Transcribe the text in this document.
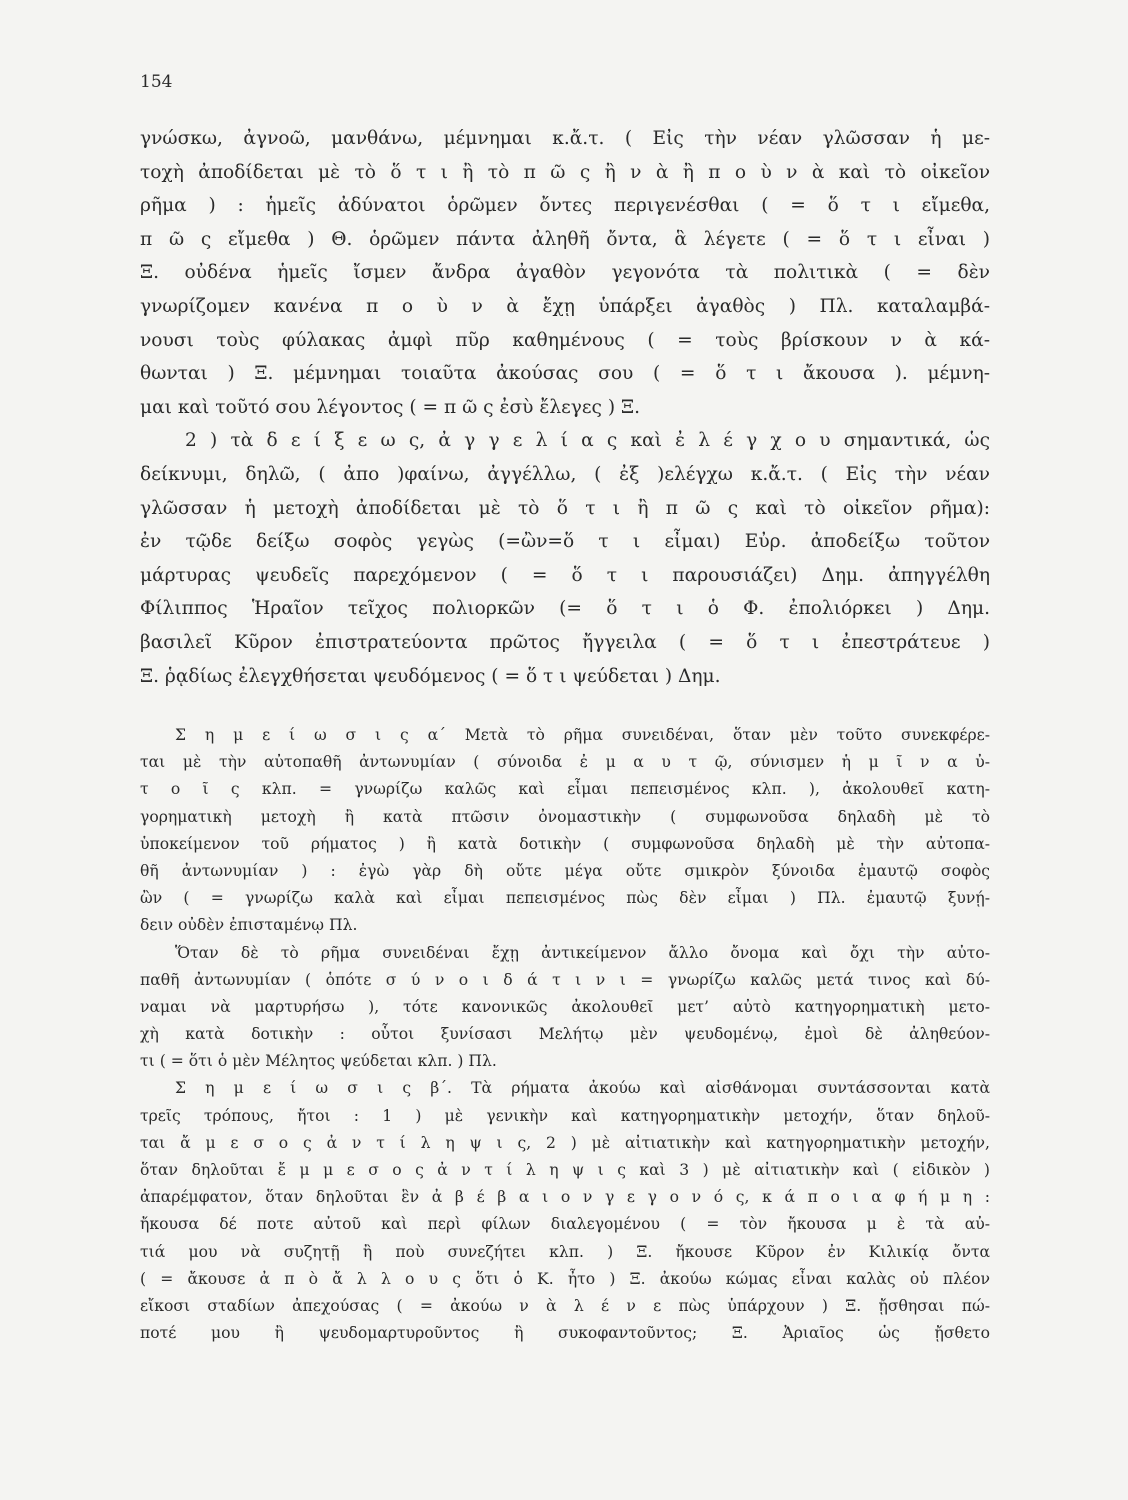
154
γνώσκω, ἀγνοῶ, μανθάνω, μέμνημαι κ.ἄ.τ. ( Εἰς τὴν νέαν γλῶσσαν ἡ με-
τοχὴ ἀποδίδεται μὲ τὸ ὅ τ ι ἢ τὸ π ῶ ς ἢ ν ὰ ἢ π ο ὺ ν ὰ καὶ τὸ οἰκεῖον
ρῆμα ) : ἡμεῖς ἀδύνατοι ὁρῶμεν ὄντες περιγενέσθαι ( = ὅ τ ι εἴμεθα,
π ῶ ς εἴμεθα ) Θ. ὁρῶμεν πάντα ἀληθῆ ὄντα, ἃ λέγετε ( = ὅ τ ι εἶναι )
Ξ. οὐδένα ἡμεῖς ἴσμεν ἄνδρα ἀγαθὸν γεγονότα τὰ πολιτικὰ ( = δὲν
γνωρίζομεν κανένα π ο ὺ ν ὰ ἔχῃ ὑπάρξει ἀγαθὸς ) Πλ. καταλαμβά-
νουσι τοὺς φύλακας ἀμφὶ πῦρ καθημένους ( = τοὺς βρίσκουν ν ὰ κά-
θωνται ) Ξ. μέμνημαι τοιαῦτα ἀκούσας σου ( = ὅ τ ι ἄκουσα ). μέμνη-
μαι καὶ τοῦτό σου λέγοντος ( = π ῶ ς ἐσὺ ἔλεγες ) Ξ.
2 ) τὰ δ ε ί ξ ε ω ς, ἀ γ γ ε λ ί α ς καὶ ἐ λ έ γ χ ο υ σημαντικά, ὡς
δείκνυμι, δηλῶ, ( ἀπο )φαίνω, ἀγγέλλω, ( ἐξ )ελέγχω κ.ἄ.τ. ( Εἰς τὴν νέαν
γλῶσσαν ἡ μετοχὴ ἀποδίδεται μὲ τὸ ὅ τ ι ἢ π ῶ ς καὶ τὸ οἰκεῖον ρῆμα):
ἐν τῷδε δείξω σοφὸς γεγὼς (=ὢν=ὅ τ ι εἶμαι) Εὐρ. ἀποδείξω τοῦτον
μάρτυρας ψευδεῖς παρεχόμενον ( = ὅ τ ι παρουσιάζει) Δημ. ἀπηγγέλθη
Φίλιππος Ἡραῖον τεῖχος πολιορκῶν (= ὅ τ ι ὁ Φ. ἐπολιόρκει ) Δημ.
βασιλεῖ Κῦρον ἐπιστρατεύοντα πρῶτος ἤγγειλα ( = ὅ τ ι ἐπεστράτευε )
Ξ. ῥᾳδίως ἐλεγχθήσεται ψευδόμενος ( = ὅ τ ι ψεύδεται ) Δημ.
Σ η μ ε ί ω σ ι ς α΄ Μετὰ τὸ ρῆμα συνειδέναι, ὅταν μὲν τοῦτο συνεκφέρε-
ται μὲ τὴν αὐτοπαθῆ ἀντωνυμίαν ( σύνοιδα ἐ μ α υ τ ῷ, σύνισμεν ἡ μ ῖ ν α ὐ-
τ ο ῖ ς κλπ. = γνωρίζω καλῶς καὶ εἶμαι πεπεισμένος κλπ. ), ἀκολουθεῖ κατη-
γορηματικὴ μετοχὴ ἢ κατὰ πτῶσιν ὀνομαστικὴν ( συμφωνοῦσα δηλαδὴ μὲ τὸ
ὑποκείμενον τοῦ ρήματος ) ἢ κατὰ δοτικὴν ( συμφωνοῦσα δηλαδὴ μὲ τὴν αὐτοπα-
θῆ ἀντωνυμίαν ) : ἐγὼ γὰρ δὴ οὔτε μέγα οὔτε σμικρὸν ξύνοιδα ἐμαυτῷ σοφὸς
ὢν ( = γνωρίζω καλὰ καὶ εἶμαι πεπεισμένος πὼς δὲν εἶμαι ) Πλ. ἐμαυτῷ ξυνῄ-
δειν οὐδὲν ἐπισταμένῳ Πλ.
Ὅταν δὲ τὸ ρῆμα συνειδέναι ἔχῃ ἀντικείμενον ἄλλο ὄνομα καὶ ὄχι τὴν αὐτο-
παθῆ ἀντωνυμίαν ( ὁπότε σ ύ ν ο ι δ ά τ ι ν ι = γνωρίζω καλῶς μετά τινος καὶ δύ-
ναμαι νὰ μαρτυρήσω ), τότε κανονικῶς ἀκολουθεῖ μετ’ αὐτὸ κατηγορηματικὴ μετο-
χὴ κατὰ δοτικὴν : οὗτοι ξυνίσασι Μελήτῳ μὲν ψευδομένῳ, ἐμοὶ δὲ ἀληθεύον-
τι ( = ὅτι ὁ μὲν Μέλητος ψεύδεται κλπ. ) Πλ.
Σ η μ ε ί ω σ ι ς β΄. Τὰ ρήματα ἀκούω καὶ αἰσθάνομαι συντάσσονται κατὰ
τρεῖς τρόπους, ἤτοι : 1 ) μὲ γενικὴν καὶ κατηγορηματικὴν μετοχήν, ὅταν δηλοῦ-
ται ἄ μ ε σ ο ς ἀ ν τ ί λ η ψ ι ς, 2 ) μὲ αἰτιατικὴν καὶ κατηγορηματικὴν μετοχήν,
ὅταν δηλοῦται ἔ μ μ ε σ ο ς ἀ ν τ ί λ η ψ ι ς καὶ 3 ) μὲ αἰτιατικὴν καὶ ( εἰδικὸν )
ἀπαρέμφατον, ὅταν δηλοῦται ἓν ἀ β έ β α ι ο ν γ ε γ ο ν ό ς, κ ά π ο ι α φ ή μ η :
ἤκουσα δέ ποτε αὐτοῦ καὶ περὶ φίλων διαλεγομένου ( = τὸν ἤκουσα μ ὲ τὰ αὐ-
τιά μου νὰ συζητῇ ἢ ποὺ συνεζήτει κλπ. ) Ξ. ἤκουσε Κῦρον ἐν Κιλικίᾳ ὄντα
( = ἄκουσε ἀ π ὸ ἄ λ λ ο υ ς ὅτι ὁ Κ. ἦτο ) Ξ. ἀκούω κώμας εἶναι καλὰς οὐ πλέον
εἴκοσι σταδίων ἀπεχούσας ( = ἀκούω ν ὰ λ έ ν ε πὼς ὑπάρχουν ) Ξ. ᾔσθησαι πώ-
ποτέ μου ἢ ψευδομαρτυροῦντος ἢ συκοφαντοῦντος; Ξ. Ἀριαῖος ὡς ᾔσθετο
